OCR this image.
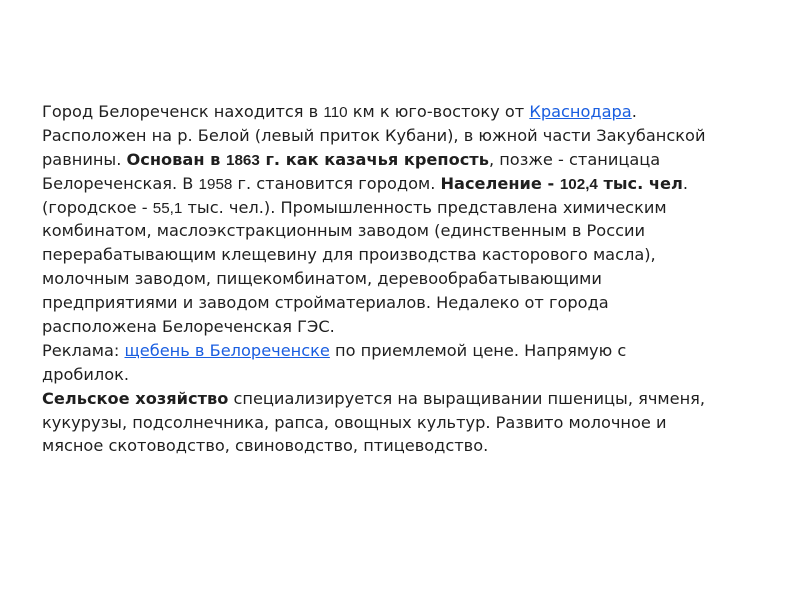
Город Белореченск находится в 110 км к юго-востоку от Краснодара.
Расположен на р. Белой (левый приток Кубани), в южной части Закубанской
равнины. Основан в 1863 г. как казачья крепость, позже - станицаца
Белореченская. В 1958 г. становится городом. Население - 102,4 тыс. чел.
(городское - 55,1 тыс. чел.). Промышленность представлена химическим
комбинатом, маслоэкстракционным заводом (единственным в России
перерабатывающим клещевину для производства касторового масла),
молочным заводом, пищекомбинатом, деревообрабатывающими
предприятиями и заводом стройматериалов. Недалеко от города
расположена Белореченская ГЭС.
Реклама: щебень в Белореченске по приемлемой цене. Напрямую с
дробилок.
Сельское хозяйство специализируется на выращивании пшеницы, ячменя,
кукурузы, подсолнечника, рапса, овощных культур. Развито молочное и
мясное скотоводство, свиноводство, птицеводство.
